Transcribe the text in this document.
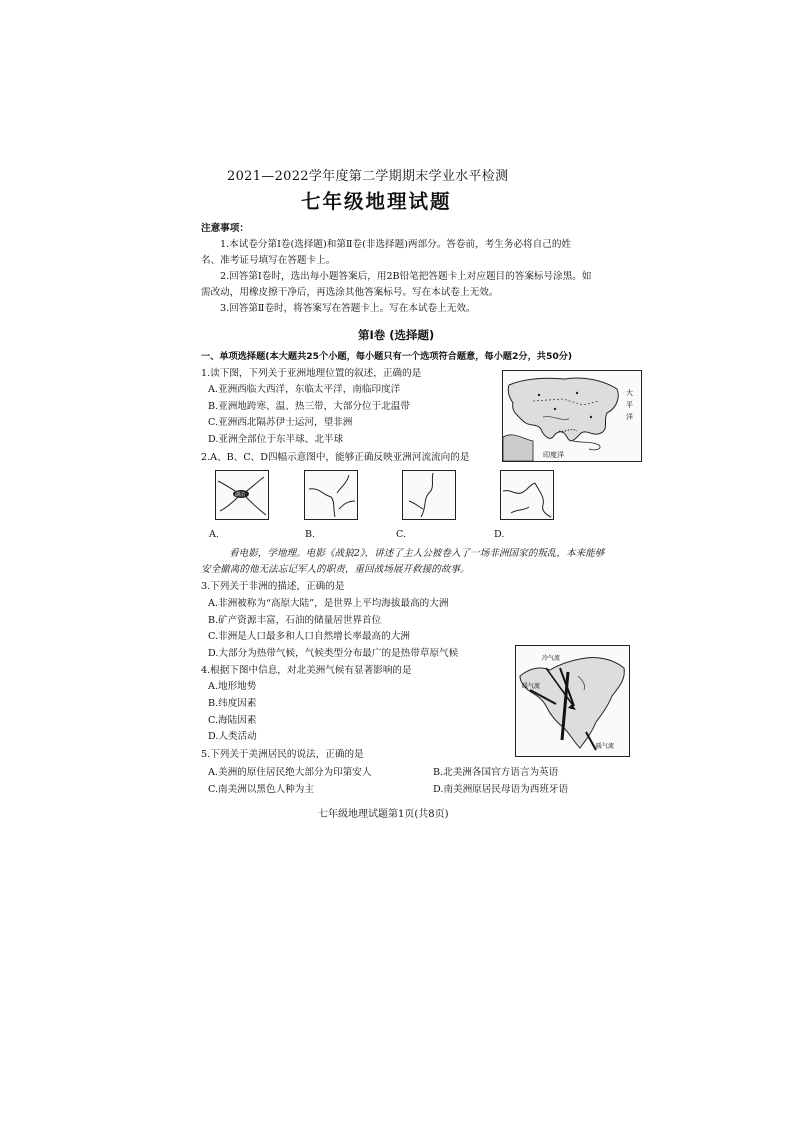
2021—2022学年度第二学期期末学业水平检测
七年级地理试题
注意事项：
1.本试卷分第Ⅰ卷(选择题)和第Ⅱ卷(非选择题)两部分。答卷前，考生务必将自己的姓
名、准考证号填写在答题卡上。
2.回答第Ⅰ卷时，选出每小题答案后，用2B铅笔把答题卡上对应题目的答案标号涂黑。如
需改动，用橡皮擦干净后，再选涂其他答案标号。写在本试卷上无效。
3.回答第Ⅱ卷时，将答案写在答题卡上。写在本试卷上无效。
第Ⅰ卷 (选择题)
一、单项选择题(本大题共25个小题，每小题只有一个选项符合题意，每小题2分，共50分)
1.读下图，下列关于亚洲地理位置的叙述，正确的是
A.亚洲西临大西洋，东临太平洋，南临印度洋
B.亚洲地跨寒、温、热三带，大部分位于北温带
C.亚洲西北隔苏伊士运河，望非洲
D.亚洲全部位于东半球、北半球
大
平
洋
印度洋
2.A、B、C、D四幅示意图中，能够正确反映亚洲河流流向的是
湖泊
A.	B.	C.	D.
看电影，学地理。电影《战狼2》，讲述了主人公被卷入了一场非洲国家的叛乱，本来能够
安全撤离的他无法忘记军人的职责，重回战场展开救援的故事。
3.下列关于非洲的描述，正确的是
A.非洲被称为“高原大陆”，是世界上平均海拔最高的大洲
B.矿产资源丰富，石油的储量居世界首位
C.非洲是人口最多和人口自然增长率最高的大洲
D.大部分为热带气候，气候类型分布最广的是热带草原气候	冷气流
暖气流
暖气流
4.根据下图中信息，对北美洲气候有显著影响的是
A.地形地势
B.纬度因素
C.海陆因素
D.人类活动
5.下列关于美洲居民的说法，正确的是
A.美洲的原住居民绝大部分为印第安人	B.北美洲各国官方语言为英语
C.南美洲以黑色人种为主	D.南美洲原居民母语为西班牙语
七年级地理试题第1页(共8页)
